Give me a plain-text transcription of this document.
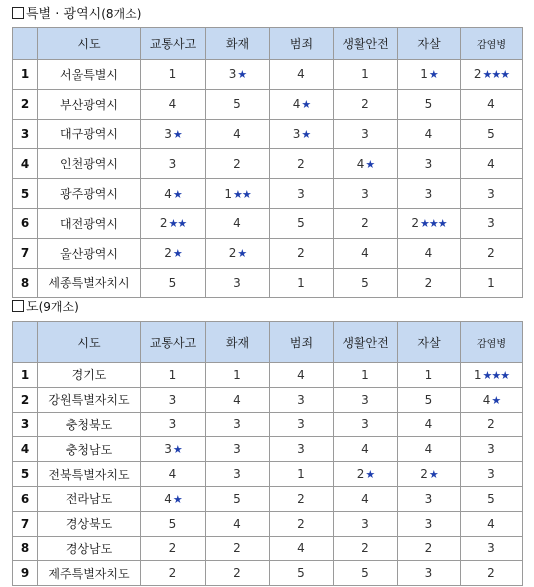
특별 · 광역시(8개소)
	시도	교통사고	화재	범죄	생활안전	자살	감염병
1	서울특별시	1	3★	4	1	1★	2★★★
2	부산광역시	4	5	4★	2	5	4
3	대구광역시	3★	4	3★	3	4	5
4	인천광역시	3	2	2	4★	3	4
5	광주광역시	4★	1★★	3	3	3	3
6	대전광역시	2★★	4	5	2	2★★★	3
7	울산광역시	2★	2★	2	4	4	2
8	세종특별자치시	5	3	1	5	2	1
도(9개소)
	시도	교통사고	화재	범죄	생활안전	자살	감염병
1	경기도	1	1	4	1	1	1★★★
2	강원특별자치도	3	4	3	3	5	4★
3	충청북도	3	3	3	3	4	2
4	충청남도	3★	3	3	4	4	3
5	전북특별자치도	4	3	1	2★	2★	3
6	전라남도	4★	5	2	4	3	5
7	경상북도	5	4	2	3	3	4
8	경상남도	2	2	4	2	2	3
9	제주특별자치도	2	2	5	5	3	2
